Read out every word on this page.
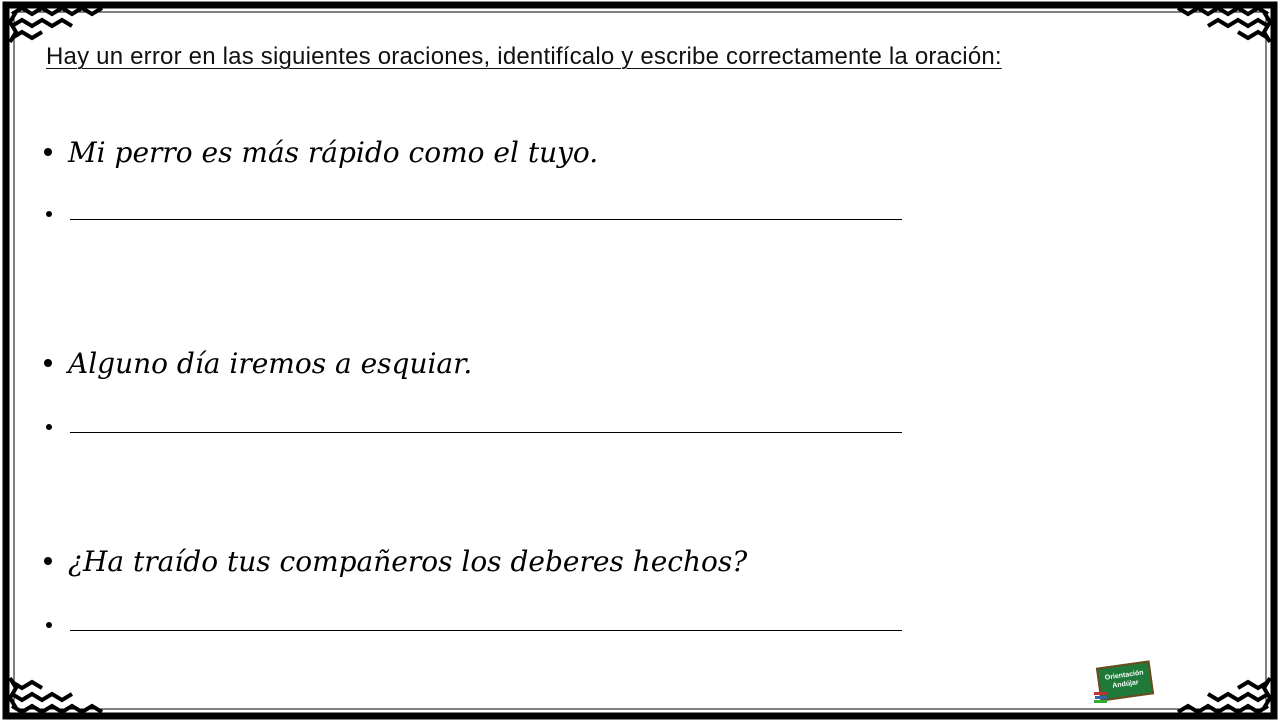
Hay un error en las siguientes oraciones, identifícalo y escribe correctamente la oración:
Mi perro es más rápido como el tuyo.
Alguno día iremos a esquiar.
¿Ha traído tus compañeros los deberes hechos?
Orientación
Andújar
